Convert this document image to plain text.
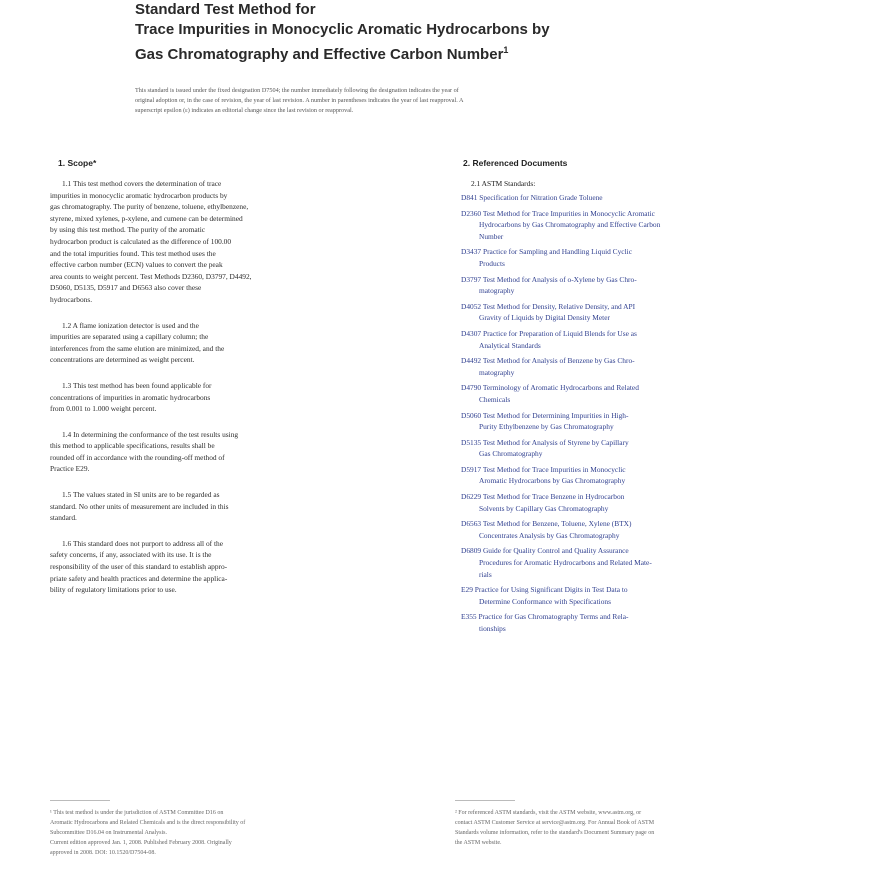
Standard Test Method for
Trace Impurities in Monocyclic Aromatic Hydrocarbons by
Gas Chromatography and Effective Carbon Number$^1$
This standard is issued under the fixed designation D7504; the number immediately following the designation indicates the year of
original adoption or, in the case of revision, the year of last revision. A number in parentheses indicates the year of last reapproval. A
superscript epsilon (ε) indicates an editorial change since the last revision or reapproval.
1. Scope*
1.1 This test method covers the determination of trace
impurities in monocyclic aromatic hydrocarbon products by
gas chromatography. The purity of benzene, toluene, ethylbenzene,
styrene, mixed xylenes, p-xylene, and cumene can be determined
by using this test method. The purity of the aromatic
hydrocarbon product is calculated as the difference of 100.00
and the total impurities found. This test method uses the
effective carbon number (ECN) values to convert the peak
area counts to weight percent. Test Methods D2360, D3797, D4492,
D5060, D5135, D5917 and D6563 also cover these
hydrocarbons.
1.2 A flame ionization detector is used and the
impurities are separated using a capillary column; the
interferences from the same elution are minimized, and the
concentrations are determined as weight percent.
1.3 This test method has been found applicable for
concentrations of impurities in aromatic hydrocarbons
from 0.001 to 1.000 weight percent.
1.4 In determining the conformance of the test results using
this method to applicable specifications, results shall be
rounded off in accordance with the rounding-off method of
Practice E29.
1.5 The values stated in SI units are to be regarded as
standard. No other units of measurement are included in this
standard.
1.6 This standard does not purport to address all of the
safety concerns, if any, associated with its use. It is the
responsibility of the user of this standard to establish appro-
priate safety and health practices and determine the applica-
bility of regulatory limitations prior to use.
2. Referenced Documents
2.1 ASTM Standards:
D841 Specification for Nitration Grade Toluene
D2360 Test Method for Trace Impurities in Monocyclic Aromatic
Hydrocarbons by Gas Chromatography and Effective Carbon
Number
D3437 Practice for Sampling and Handling Liquid Cyclic
Products
D3797 Test Method for Analysis of o-Xylene by Gas Chro-
matography
D4052 Test Method for Density, Relative Density, and API
Gravity of Liquids by Digital Density Meter
D4307 Practice for Preparation of Liquid Blends for Use as
Analytical Standards
D4492 Test Method for Analysis of Benzene by Gas Chro-
matography
D4790 Terminology of Aromatic Hydrocarbons and Related
Chemicals
D5060 Test Method for Determining Impurities in High-
Purity Ethylbenzene by Gas Chromatography
D5135 Test Method for Analysis of Styrene by Capillary
Gas Chromatography
D5917 Test Method for Trace Impurities in Monocyclic
Aromatic Hydrocarbons by Gas Chromatography
D6229 Test Method for Trace Benzene in Hydrocarbon
Solvents by Capillary Gas Chromatography
D6563 Test Method for Benzene, Toluene, Xylene (BTX)
Concentrates Analysis by Gas Chromatography
D6809 Guide for Quality Control and Quality Assurance
Procedures for Aromatic Hydrocarbons and Related Mate-
rials
E29 Practice for Using Significant Digits in Test Data to
Determine Conformance with Specifications
E355 Practice for Gas Chromatography Terms and Rela-
tionships
¹ This test method is under the jurisdiction of ASTM Committee D16 on
Aromatic Hydrocarbons and Related Chemicals and is the direct responsibility of
Subcommittee D16.04 on Instrumental Analysis.
Current edition approved Jan. 1, 2008. Published February 2008. Originally
approved in 2008. DOI: 10.1520/D7504-08.
² For referenced ASTM standards, visit the ASTM website, www.astm.org, or
contact ASTM Customer Service at service@astm.org. For Annual Book of ASTM
Standards volume information, refer to the standard's Document Summary page on
the ASTM website.
